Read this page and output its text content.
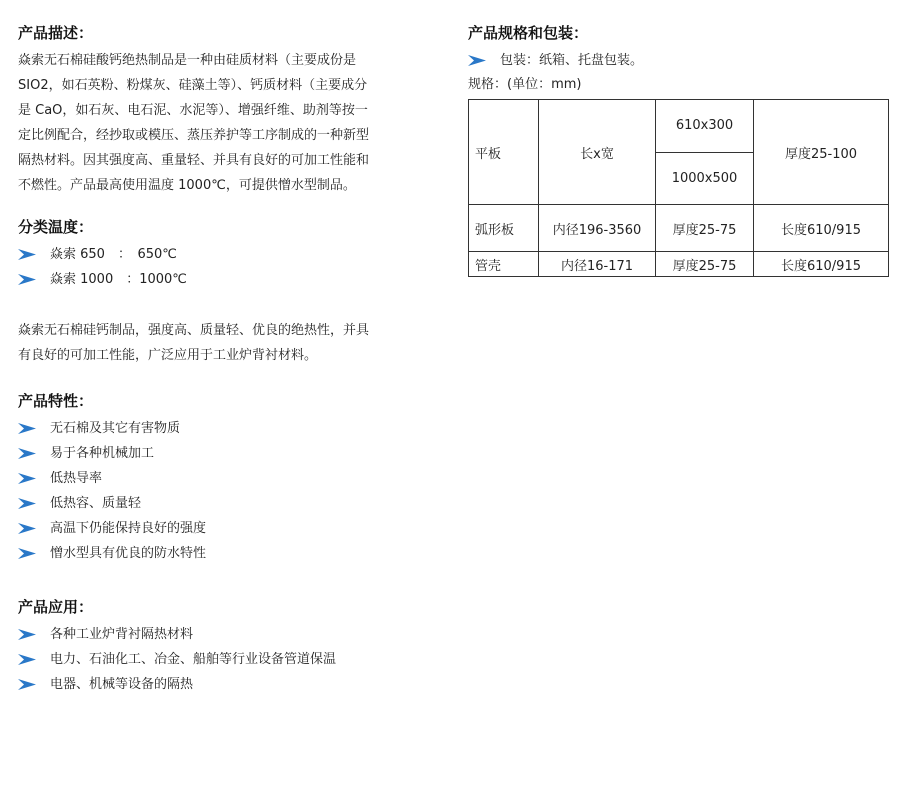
产品描述：

焱索无石棉硅酸钙绝热制品是一种由硅质材料（主要成份是

SIO2，如石英粉、粉煤灰、硅藻土等）、钙质材料（主要成分

是 CaO，如石灰、电石泥、水泥等）、增强纤维、助剂等按一

定比例配合，经抄取或模压、蒸压养护等工序制成的一种新型

隔热材料。因其强度高、重量轻、并具有良好的可加工性能和

不燃性。产品最高使用温度 1000℃，可提供憎水型制品。

分类温度：
焱索 650　：　650℃
焱索 1000　：1000℃

焱索无石棉硅钙制品，强度高、质量轻、优良的绝热性，并具

有良好的可加工性能，广泛应用于工业炉背衬材料。

产品特性：
无石棉及其它有害物质
易于各种机械加工
低热导率
低热容、质量轻
高温下仍能保持良好的强度
憎水型具有优良的防水特性
产品应用：
各种工业炉背衬隔热材料
电力、石油化工、冶金、船舶等行业设备管道保温
电器、机械等设备的隔热
产品规格和包装：
包装：纸箱、托盘包装。
规格：(单位：mm)
平板	长x宽	610x300	厚度25-100
		1000x500	
弧形板	内径196-3560	厚度25-75	长度610/915
管壳	内径16-171	厚度25-75	长度610/915
